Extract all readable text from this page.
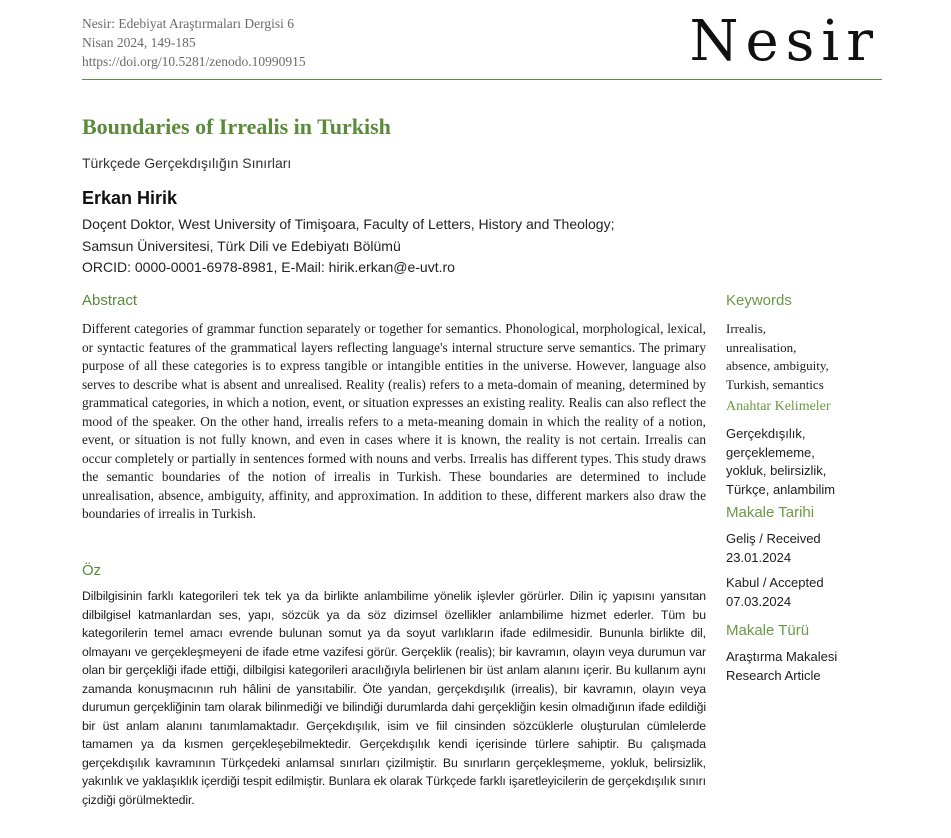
Nesir: Edebiyat Araştırmaları Dergisi 6
Nisan 2024, 149-185
https://doi.org/10.5281/zenodo.10990915	Nesir
Boundaries of Irrealis in Turkish
Türkçede Gerçekdışılığın Sınırları
Erkan Hirik
Doçent Doktor, West University of Timişoara, Faculty of Letters, History and Theology;
Samsun Üniversitesi, Türk Dili ve Edebiyatı Bölümü
ORCID: 0000-0001-6978-8981, E-Mail: hirik.erkan@e-uvt.ro
Abstract
Different categories of grammar function separately or together for semantics. Phonological, morphological, lexical, or syntactic features of the grammatical layers reflecting language's internal structure serve semantics. The primary purpose of all these categories is to express tangible or intangible entities in the universe. However, language also serves to describe what is absent and unrealised. Reality (realis) refers to a meta-domain of meaning, determined by grammatical categories, in which a notion, event, or situation expresses an existing reality. Realis can also reflect the mood of the speaker. On the other hand, irrealis refers to a meta-meaning domain in which the reality of a notion, event, or situation is not fully known, and even in cases where it is known, the reality is not certain. Irrealis can occur completely or partially in sentences formed with nouns and verbs. Irrealis has different types. This study draws the semantic boundaries of the notion of irrealis in Turkish. These boundaries are determined to include unrealisation, absence, ambiguity, affinity, and approximation. In addition to these, different markers also draw the boundaries of irrealis in Turkish.
Öz
Dilbilgisinin farklı kategorileri tek tek ya da birlikte anlambilime yönelik işlevler görürler. Dilin iç yapısını yansıtan dilbilgisel katmanlardan ses, yapı, sözcük ya da söz dizimsel özellikler anlambilime hizmet ederler. Tüm bu kategorilerin temel amacı evrende bulunan somut ya da soyut varlıkların ifade edilmesidir. Bununla birlikte dil, olmayanı ve gerçekleşmeyeni de ifade etme vazifesi görür. Gerçeklik (realis); bir kavramın, olayın veya durumun var olan bir gerçekliği ifade ettiği, dilbilgisi kategorileri aracılığıyla belirlenen bir üst anlam alanını içerir. Bu kullanım aynı zamanda konuşmacının ruh hâlini de yansıtabilir. Öte yandan, gerçekdışılık (irrealis), bir kavramın, olayın veya durumun gerçekliğinin tam olarak bilinmediği ve bilindiği durumlarda dahi gerçekliğin kesin olmadığının ifade edildiği bir üst anlam alanını tanımlamaktadır. Gerçekdışılık, isim ve fiil cinsinden sözcüklerle oluşturulan cümlelerde tamamen ya da kısmen gerçekleşebilmektedir. Gerçekdışılık kendi içerisinde türlere sahiptir. Bu çalışmada gerçekdışılık kavramının Türkçedeki anlamsal sınırları çizilmiştir. Bu sınırların gerçekleşmeme, yokluk, belirsizlik, yakınlık ve yaklaşıklık içerdiği tespit edilmiştir. Bunlara ek olarak Türkçede farklı işaretleyicilerin de gerçekdışılık sınırı çizdiği görülmektedir.
Keywords
Irrealis,
unrealisation,
absence, ambiguity,
Turkish, semantics
Anahtar Kelimeler
Gerçekdışılık,
gerçeklememe,
yokluk, belirsizlik,
Türkçe, anlambilim
Makale Tarihi
Geliş / Received
23.01.2024
Kabul / Accepted
07.03.2024
Makale Türü
Araştırma Makalesi
Research Article
